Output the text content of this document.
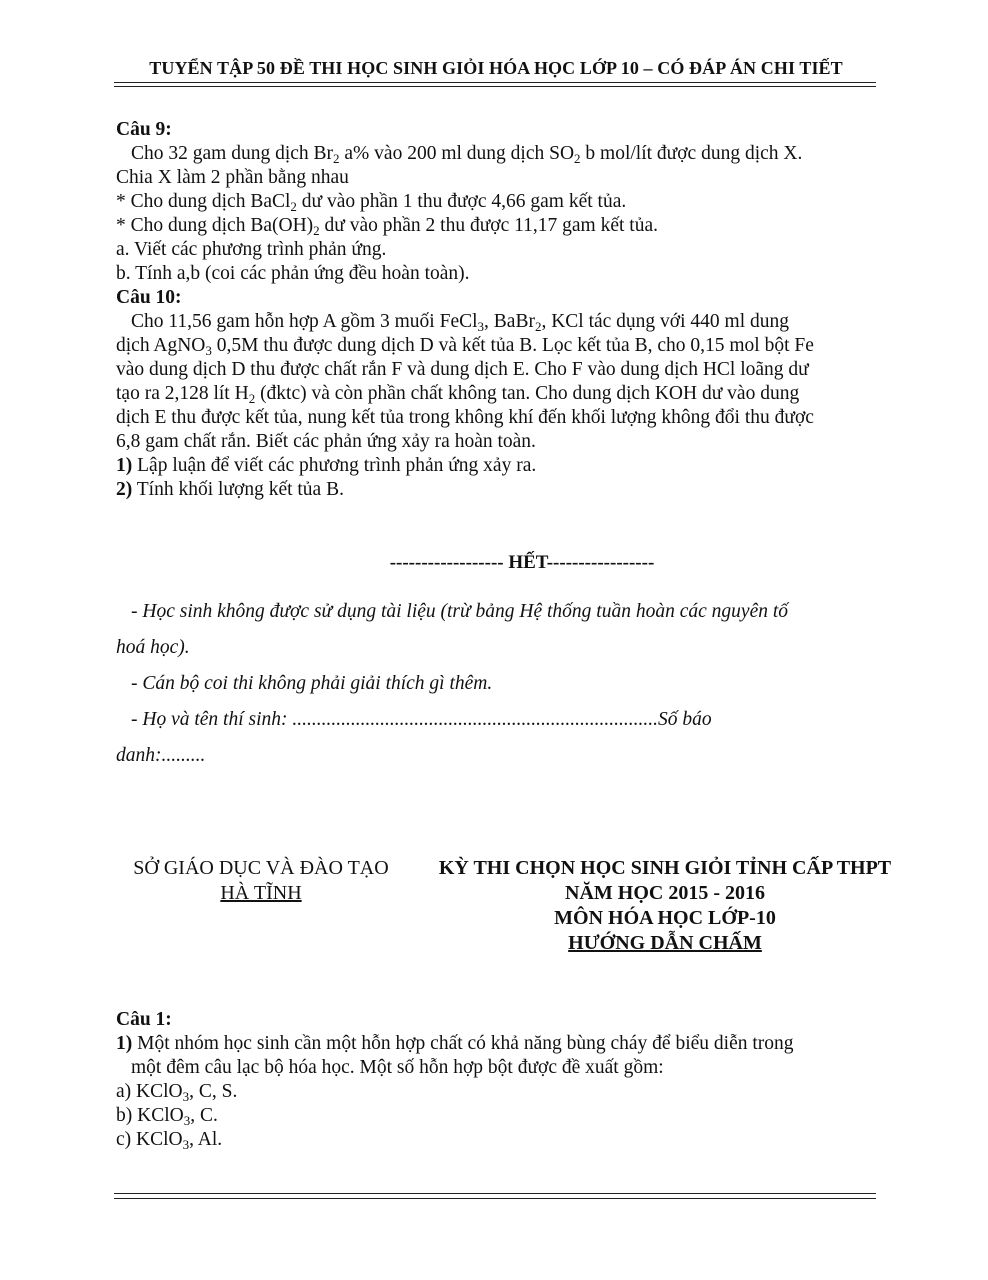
TUYỂN TẬP 50 ĐỀ THI HỌC SINH GIỎI HÓA HỌC LỚP 10 – CÓ ĐÁP ÁN CHI TIẾT
Câu 9:
Cho 32 gam dung dịch $Br_2$ a% vào 200 ml dung dịch $SO_2$ b mol/lít được dung dịch X.
Chia X làm 2 phần bằng nhau
* Cho dung dịch BaCl$_2$ dư vào phần 1 thu được 4,66 gam kết tủa.
* Cho dung dịch $Ba(OH)_2$ dư vào phần 2 thu được 11,17 gam kết tủa.
a. Viết các phương trình phản ứng.
b. Tính a,b (coi các phản ứng đều hoàn toàn).
Câu 10:
Cho 11,56 gam hỗn hợp A gồm 3 muối FeCl$_3$, BaBr$_2$, KCl tác dụng với 440 ml dung
dịch AgNO$_3$ 0,5M thu được dung dịch D và kết tủa B. Lọc kết tủa B, cho 0,15 mol bột Fe
vào dung dịch D thu được chất rắn F và dung dịch E. Cho F vào dung dịch HCl loãng dư
tạo ra 2,128 lít $H_2$ (đktc) và còn phần chất không tan. Cho dung dịch KOH dư vào dung
dịch E thu được kết tủa, nung kết tủa trong không khí đến khối lượng không đổi thu được
6,8 gam chất rắn. Biết các phản ứng xảy ra hoàn toàn.
1) Lập luận để viết các phương trình phản ứng xảy ra.
2) Tính khối lượng kết tủa B.
------------------ HẾT-----------------
- Học sinh không được sử dụng tài liệu (trừ bảng Hệ thống tuần hoàn các nguyên tố
hoá học).
- Cán bộ coi thi không phải giải thích gì thêm.
- Họ và tên thí sinh: ...........................................................................Số báo
danh:.........
SỞ GIÁO DỤC VÀ ĐÀO TẠO
HÀ TĨNH
KỲ THI CHỌN HỌC SINH GIỎI TỈNH CẤP THPT
NĂM HỌC 2015 - 2016
MÔN HÓA HỌC LỚP-10
HƯỚNG DẪN CHẤM
Câu 1:
1) Một nhóm học sinh cần một hỗn hợp chất có khả năng bùng cháy để biểu diễn trong
một đêm câu lạc bộ hóa học. Một số hỗn hợp bột được đề xuất gồm:
a) KClO$_3$, C, S.
b) KClO$_3$, C.
c) KClO$_3$, Al.
